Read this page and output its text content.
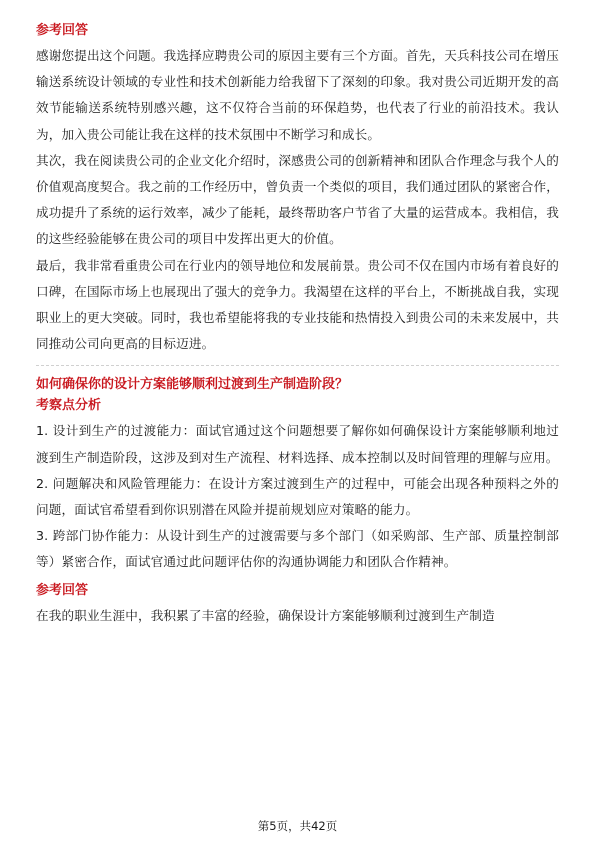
参考回答

感谢您提出这个问题。我选择应聘贵公司的原因主要有三个方面。首先，天兵科技公司在增压输送系统设计领域的专业性和技术创新能力给我留下了深刻的印象。我对贵公司近期开发的高效节能输送系统特别感兴趣，这不仅符合当前的环保趋势，也代表了行业的前沿技术。我认为，加入贵公司能让我在这样的技术氛围中不断学习和成长。

其次，我在阅读贵公司的企业文化介绍时，深感贵公司的创新精神和团队合作理念与我个人的价值观高度契合。我之前的工作经历中，曾负责一个类似的项目，我们通过团队的紧密合作，成功提升了系统的运行效率，减少了能耗，最终帮助客户节省了大量的运营成本。我相信，我的这些经验能够在贵公司的项目中发挥出更大的价值。

最后，我非常看重贵公司在行业内的领导地位和发展前景。贵公司不仅在国内市场有着良好的口碑，在国际市场上也展现出了强大的竞争力。我渴望在这样的平台上，不断挑战自我，实现职业上的更大突破。同时，我也希望能将我的专业技能和热情投入到贵公司的未来发展中，共同推动公司向更高的目标迈进。

如何确保你的设计方案能够顺利过渡到生产制造阶段？
考察点分析

1. 设计到生产的过渡能力：面试官通过这个问题想要了解你如何确保设计方案能够顺利地过渡到生产制造阶段，这涉及到对生产流程、材料选择、成本控制以及时间管理的理解与应用。

2. 问题解决和风险管理能力：在设计方案过渡到生产的过程中，可能会出现各种预料之外的问题，面试官希望看到你识别潜在风险并提前规划应对策略的能力。

3. 跨部门协作能力：从设计到生产的过渡需要与多个部门（如采购部、生产部、质量控制部等）紧密合作，面试官通过此问题评估你的沟通协调能力和团队合作精神。

参考回答

在我的职业生涯中，我积累了丰富的经验，确保设计方案能够顺利过渡到生产制造

第5页，共42页
